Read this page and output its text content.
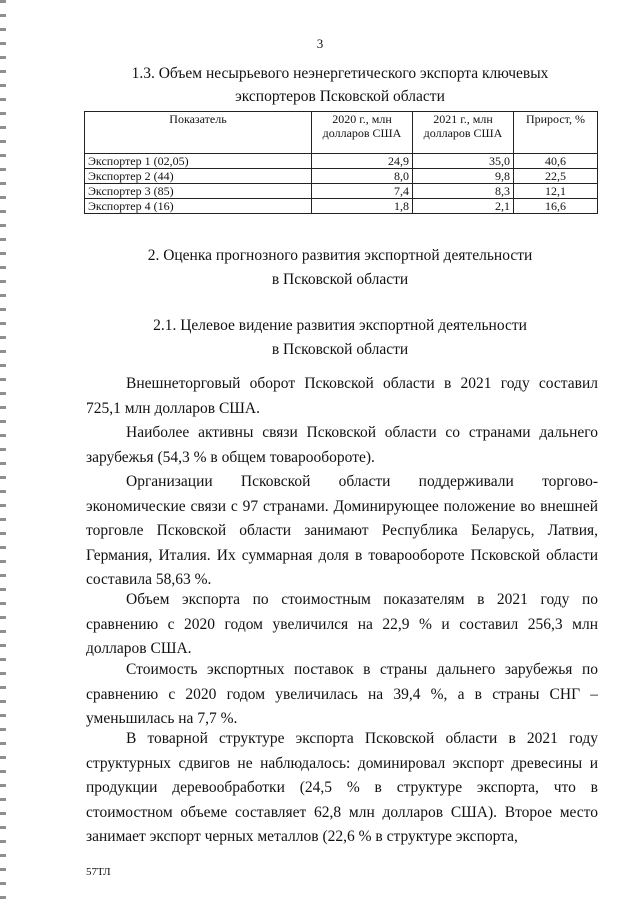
3
1.3. Объем несырьевого неэнергетического экспорта ключевых
экспортеров Псковской области
Показатель	2020 г., млн долларов США	2021 г., млн долларов США	Прирост, %
Экспортер 1 (02,05)	24,9	35,0	40,6
Экспортер 2 (44)	8,0	9,8	22,5
Экспортер 3 (85)	7,4	8,3	12,1
Экспортер 4 (16)	1,8	2,1	16,6
2. Оценка прогнозного развития экспортной деятельности
в Псковской области
2.1. Целевое видение развития экспортной деятельности
в Псковской области

Внешнеторговый оборот Псковской области в 2021 году составил 725,1 млн долларов США.

Наиболее активны связи Псковской области со странами дальнего зарубежья (54,3 % в общем товарообороте).

Организации Псковской области поддерживали торгово-экономические связи с 97 странами. Доминирующее положение во внешней торговле Псковской области занимают Республика Беларусь, Латвия, Германия, Италия. Их суммарная доля в товарообороте Псковской области составила 58,63 %.

Объем экспорта по стоимостным показателям в 2021 году по сравнению с 2020 годом увеличился на 22,9 % и составил 256,3 млн долларов США.

Стоимость экспортных поставок в страны дальнего зарубежья по сравнению с 2020 годом увеличилась на 39,4 %, а в страны СНГ – уменьшилась на 7,7 %.

В товарной структуре экспорта Псковской области в 2021 году структурных сдвигов не наблюдалось: доминировал экспорт древесины и продукции деревообработки (24,5 % в структуре экспорта, что в стоимостном объеме составляет 62,8 млн долларов США). Второе место занимает экспорт черных металлов (22,6 % в структуре экспорта,

57ТЛ
